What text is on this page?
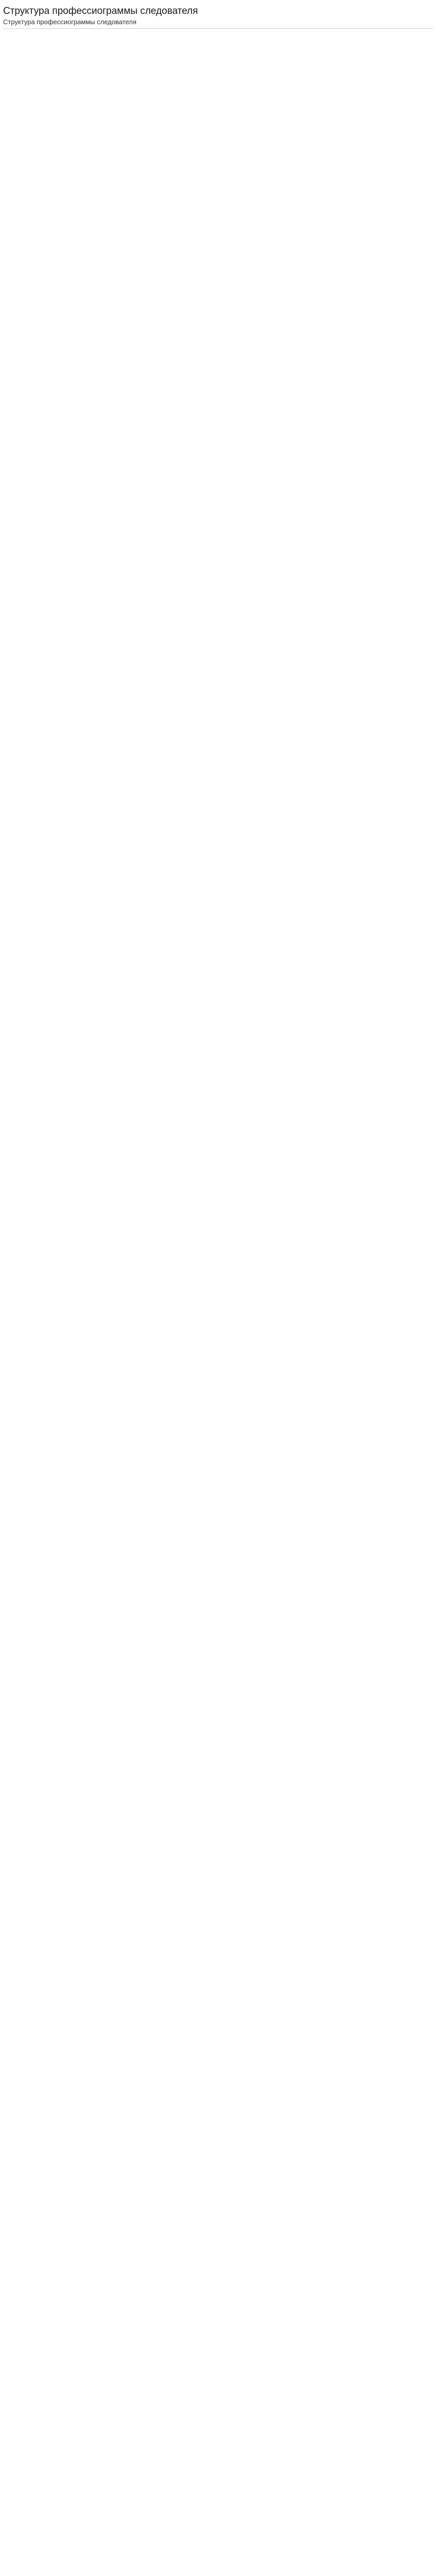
Структура профессиограммы следователя
Структура профессиограммы следователя
